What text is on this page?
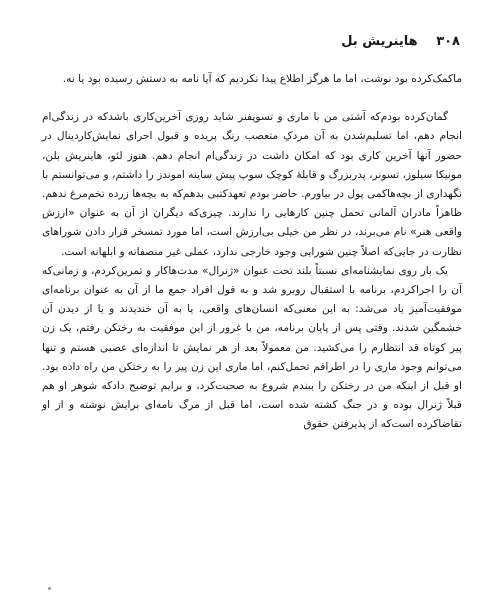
۳۰۸ هاینریش بل

ماکمک‌کرده بود نوشت، اما ما هرگز اطلاع پیدا نکردیم که آیا نامه به دستش رسیده بود یا نه.

گمان‌کرده بودم‌که آشتی من با ماری و تسوپفنر شاید روزی آخرین‌کاری باشدکه در زندگی‌ام انجام دهم، اما تسلیم‌شدن به آن مردکِ متعصب رنگ پریده و قبول اجرای نمایش‌کاردینال در حضور آنها آخرین کاری بود که امکان داشت در زندگی‌ام انجام دهم. هنوز لئو، هاینریش بلن، مونیکا سیلوز، تسونر، پدربزرگ و قابلهٔ کوچک سوپ پیش ساینه اموندز را داشتم، و می‌توانستم با نگهداری از بچه‌هاکمی پول در بیاورم. حاضر بودم تعهدکتبی بدهم‌که به بچه‌ها زرده تخم‌مرغ ندهم. ظاهراً مادران آلمانی تحمل چنین کارهایی را ندارند. چیزی‌که دیگران از آن به عنوان «ارزش واقعی هنر» نام می‌برند، در نظر من خیلی بی‌ارزش است، اما مورد تمسخر قرار دادن شوراهای نظارت در جایی‌که اصلاً چنین شورایی وجود خارجی ندارد، عملی غیر منصفانه و ابلهانه است.

یک بار روی نمایشنامه‌ای نسبتاً بلند تحت عنوان «ژنرال» مدت‌ها‌کار و تمرین‌کردم، و زمانی‌که آن را اجراکردم، برنامه با استقبال روبرو شد و به قول افراد جمع ما از آن به عنوان برنامه‌ای موفقیت‌آمیز یاد می‌شد: به این معنی‌که انسان‌های واقعی، یا به آن خندیدند و یا از دیدن آن خشمگین شدند. وقتی پس از پایان برنامه، من با غرور از این موفقیت به رختکن رفتم، یک زن پیر کوتاه قد انتظارم را می‌کشید. من معمولاً بعد از هر نمایش تا اندازه‌ای عصبی هستم و تنها می‌توانم وجود ماری را در اطرافم تحمل‌کنم، اما ماری این زن پیر را به رختکن من راه داده بود. او قبل از اینکه من در رختکن را ببندم شروع به صحبت‌کرد، و برایم توضیح داد‌که شوهر او هم قبلاً ژنرال بوده و در جنگ کشته شده است، اما قبل از مرگ نامه‌ای برایش نوشته و از او تقاضاکرده است‌که از پذیرفتن حقوق
